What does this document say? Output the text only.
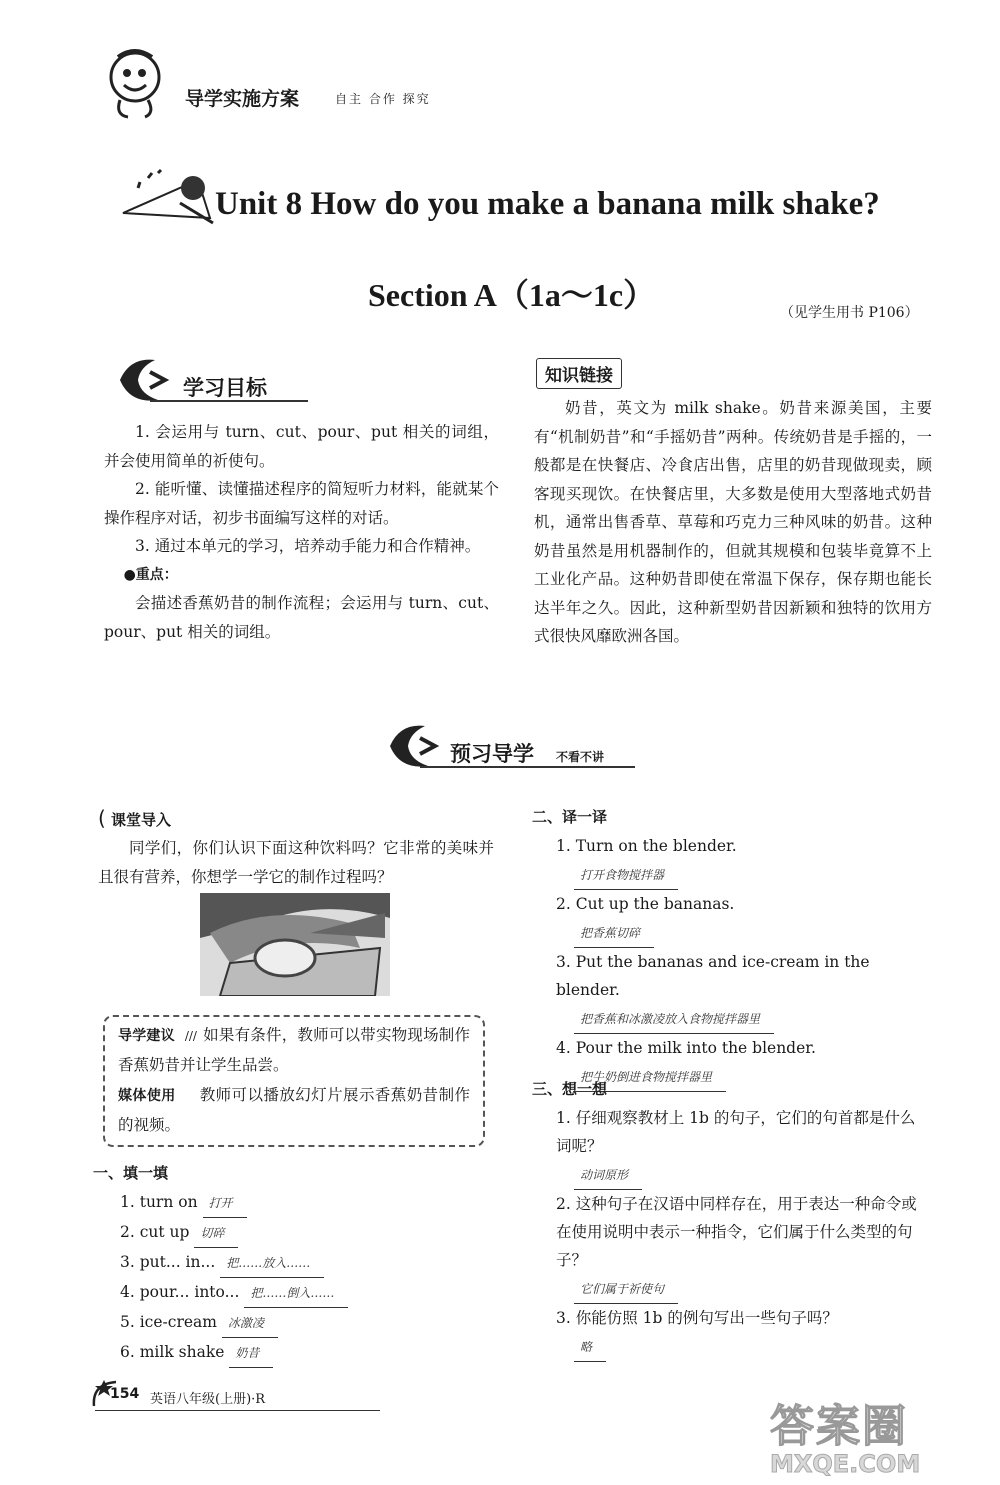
导学实施方案	自主 合作 探究
Unit 8 How do you make a banana milk shake?
Section A（1a～1c）	（见学生用书 P106）
学习目标
1. 会运用与 turn、cut、pour、put 相关的词组，并会使用简单的祈使句。
2. 能听懂、读懂描述程序的简短听力材料，能就某个操作程序对话，初步书面编写这样的对话。
3. 通过本单元的学习，培养动手能力和合作精神。
●重点：
会描述香蕉奶昔的制作流程；会运用与 turn、cut、pour、put 相关的词组。
知识链接
奶昔，英文为 milk shake。奶昔来源美国，主要有“机制奶昔”和“手摇奶昔”两种。传统奶昔是手摇的，一般都是在快餐店、冷食店出售，店里的奶昔现做现卖，顾客现买现饮。在快餐店里，大多数是使用大型落地式奶昔机，通常出售香草、草莓和巧克力三种风味的奶昔。这种奶昔虽然是用机器制作的，但就其规模和包装毕竟算不上工业化产品。这种奶昔即使在常温下保存，保存期也能长达半年之久。因此，这种新型奶昔因新颖和独特的饮用方式很快风靡欧洲各国。
预习导学 不看不讲
( 课堂导入
同学们，你们认识下面这种饮料吗？它非常的美味并且很有营养，你想学一学它的制作过程吗？
导学建议 /// 如果有条件，教师可以带实物现场制作香蕉奶昔并让学生品尝。
媒体使用 教师可以播放幻灯片展示香蕉奶昔制作的视频。
一、填一填
1. turn on 打开
2. cut up 切碎
3. put... in... 把……放入……
4. pour... into... 把……倒入……
5. ice-cream 冰激凌
6. milk shake 奶昔
二、译一译
1. Turn on the blender.
打开食物搅拌器
2. Cut up the bananas.
把香蕉切碎
3. Put the bananas and ice-cream in the blender.
把香蕉和冰激凌放入食物搅拌器里
4. Pour the milk into the blender.
把牛奶倒进食物搅拌器里
三、想一想
1. 仔细观察教材上 1b 的句子，它们的句首都是什么词呢？
动词原形
2. 这种句子在汉语中同样存在，用于表达一种命令或在使用说明中表示一种指令，它们属于什么类型的句子？
它们属于祈使句
3. 你能仿照 1b 的例句写出一些句子吗？
略
154 英语八年级(上册)·R
答案圈
MXQE.COM
